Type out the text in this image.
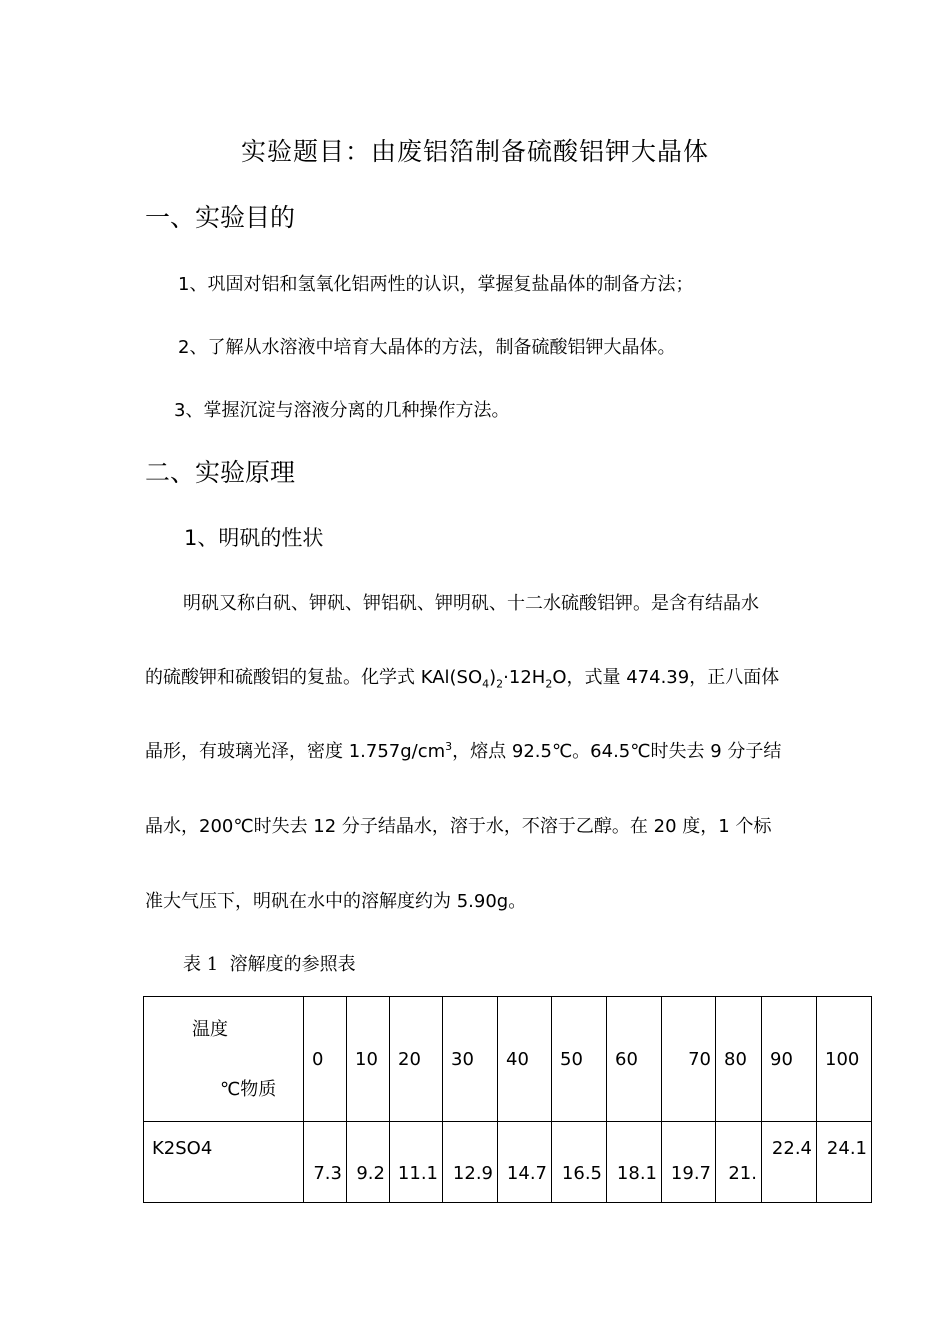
实验题目：由废铝箔制备硫酸铝钾大晶体
一、实验目的
1、巩固对铝和氢氧化铝两性的认识，掌握复盐晶体的制备方法；
2、了解从水溶液中培育大晶体的方法，制备硫酸铝钾大晶体。
3、掌握沉淀与溶液分离的几种操作方法。
二、实验原理
1、明矾的性状
明矾又称白矾、钾矾、钾铝矾、钾明矾、十二水硫酸铝钾。是含有结晶水
的硫酸钾和硫酸铝的复盐。化学式 $KAl(SO_4)_2\cdot 12H_2O$，式量 474.39，正八面体
晶形，有玻璃光泽，密度 $1.757g/cm^3$，熔点 92.5℃。64.5℃时失去 9 分子结
晶水，200℃时失去 12 分子结晶水，溶于水，不溶于乙醇。在 20 度，1 个标
准大气压下，明矾在水中的溶解度约为 5.90g。
表 1 溶解度的参照表
温度
℃物质	0	10	20	30	40	50	60	70	80	90	100
K2SO4	7.3	9.2	11.1	12.9	14.7	16.5	18.1	19.7	21.	22.4	24.1
